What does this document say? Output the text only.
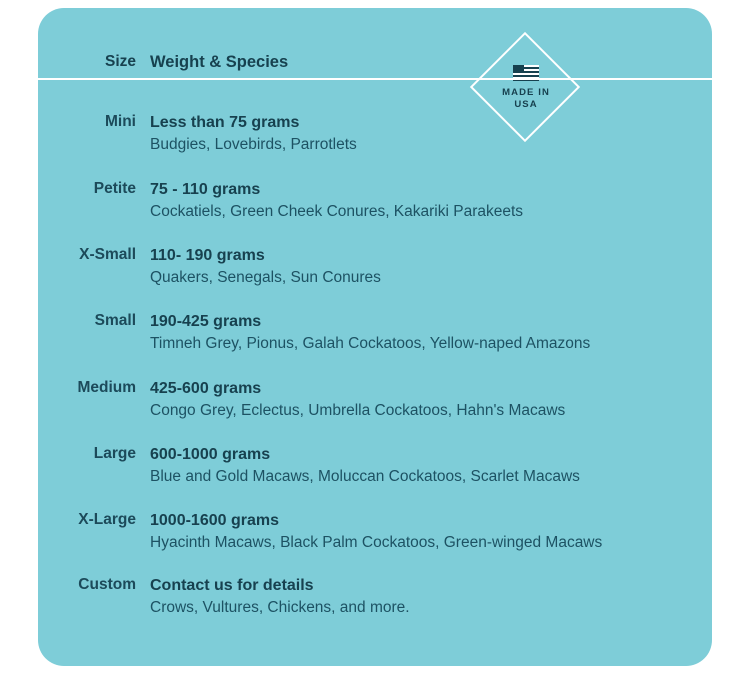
Size Weight & Species
Mini Less than 75 grams
Budgies, Lovebirds, Parrotlets
Petite 75 - 110 grams
Cockatiels, Green Cheek Conures, Kakariki Parakeets
X-Small 110- 190 grams
Quakers, Senegals, Sun Conures
Small 190-425 grams
Timneh Grey, Pionus, Galah Cockatoos, Yellow-naped Amazons
Medium 425-600 grams
Congo Grey, Eclectus, Umbrella Cockatoos, Hahn's Macaws
Large 600-1000 grams
Blue and Gold Macaws, Moluccan Cockatoos, Scarlet Macaws
X-Large 1000-1600 grams
Hyacinth Macaws, Black Palm Cockatoos, Green-winged Macaws
Custom Contact us for details
Crows, Vultures, Chickens, and more.
MADE IN
USA
